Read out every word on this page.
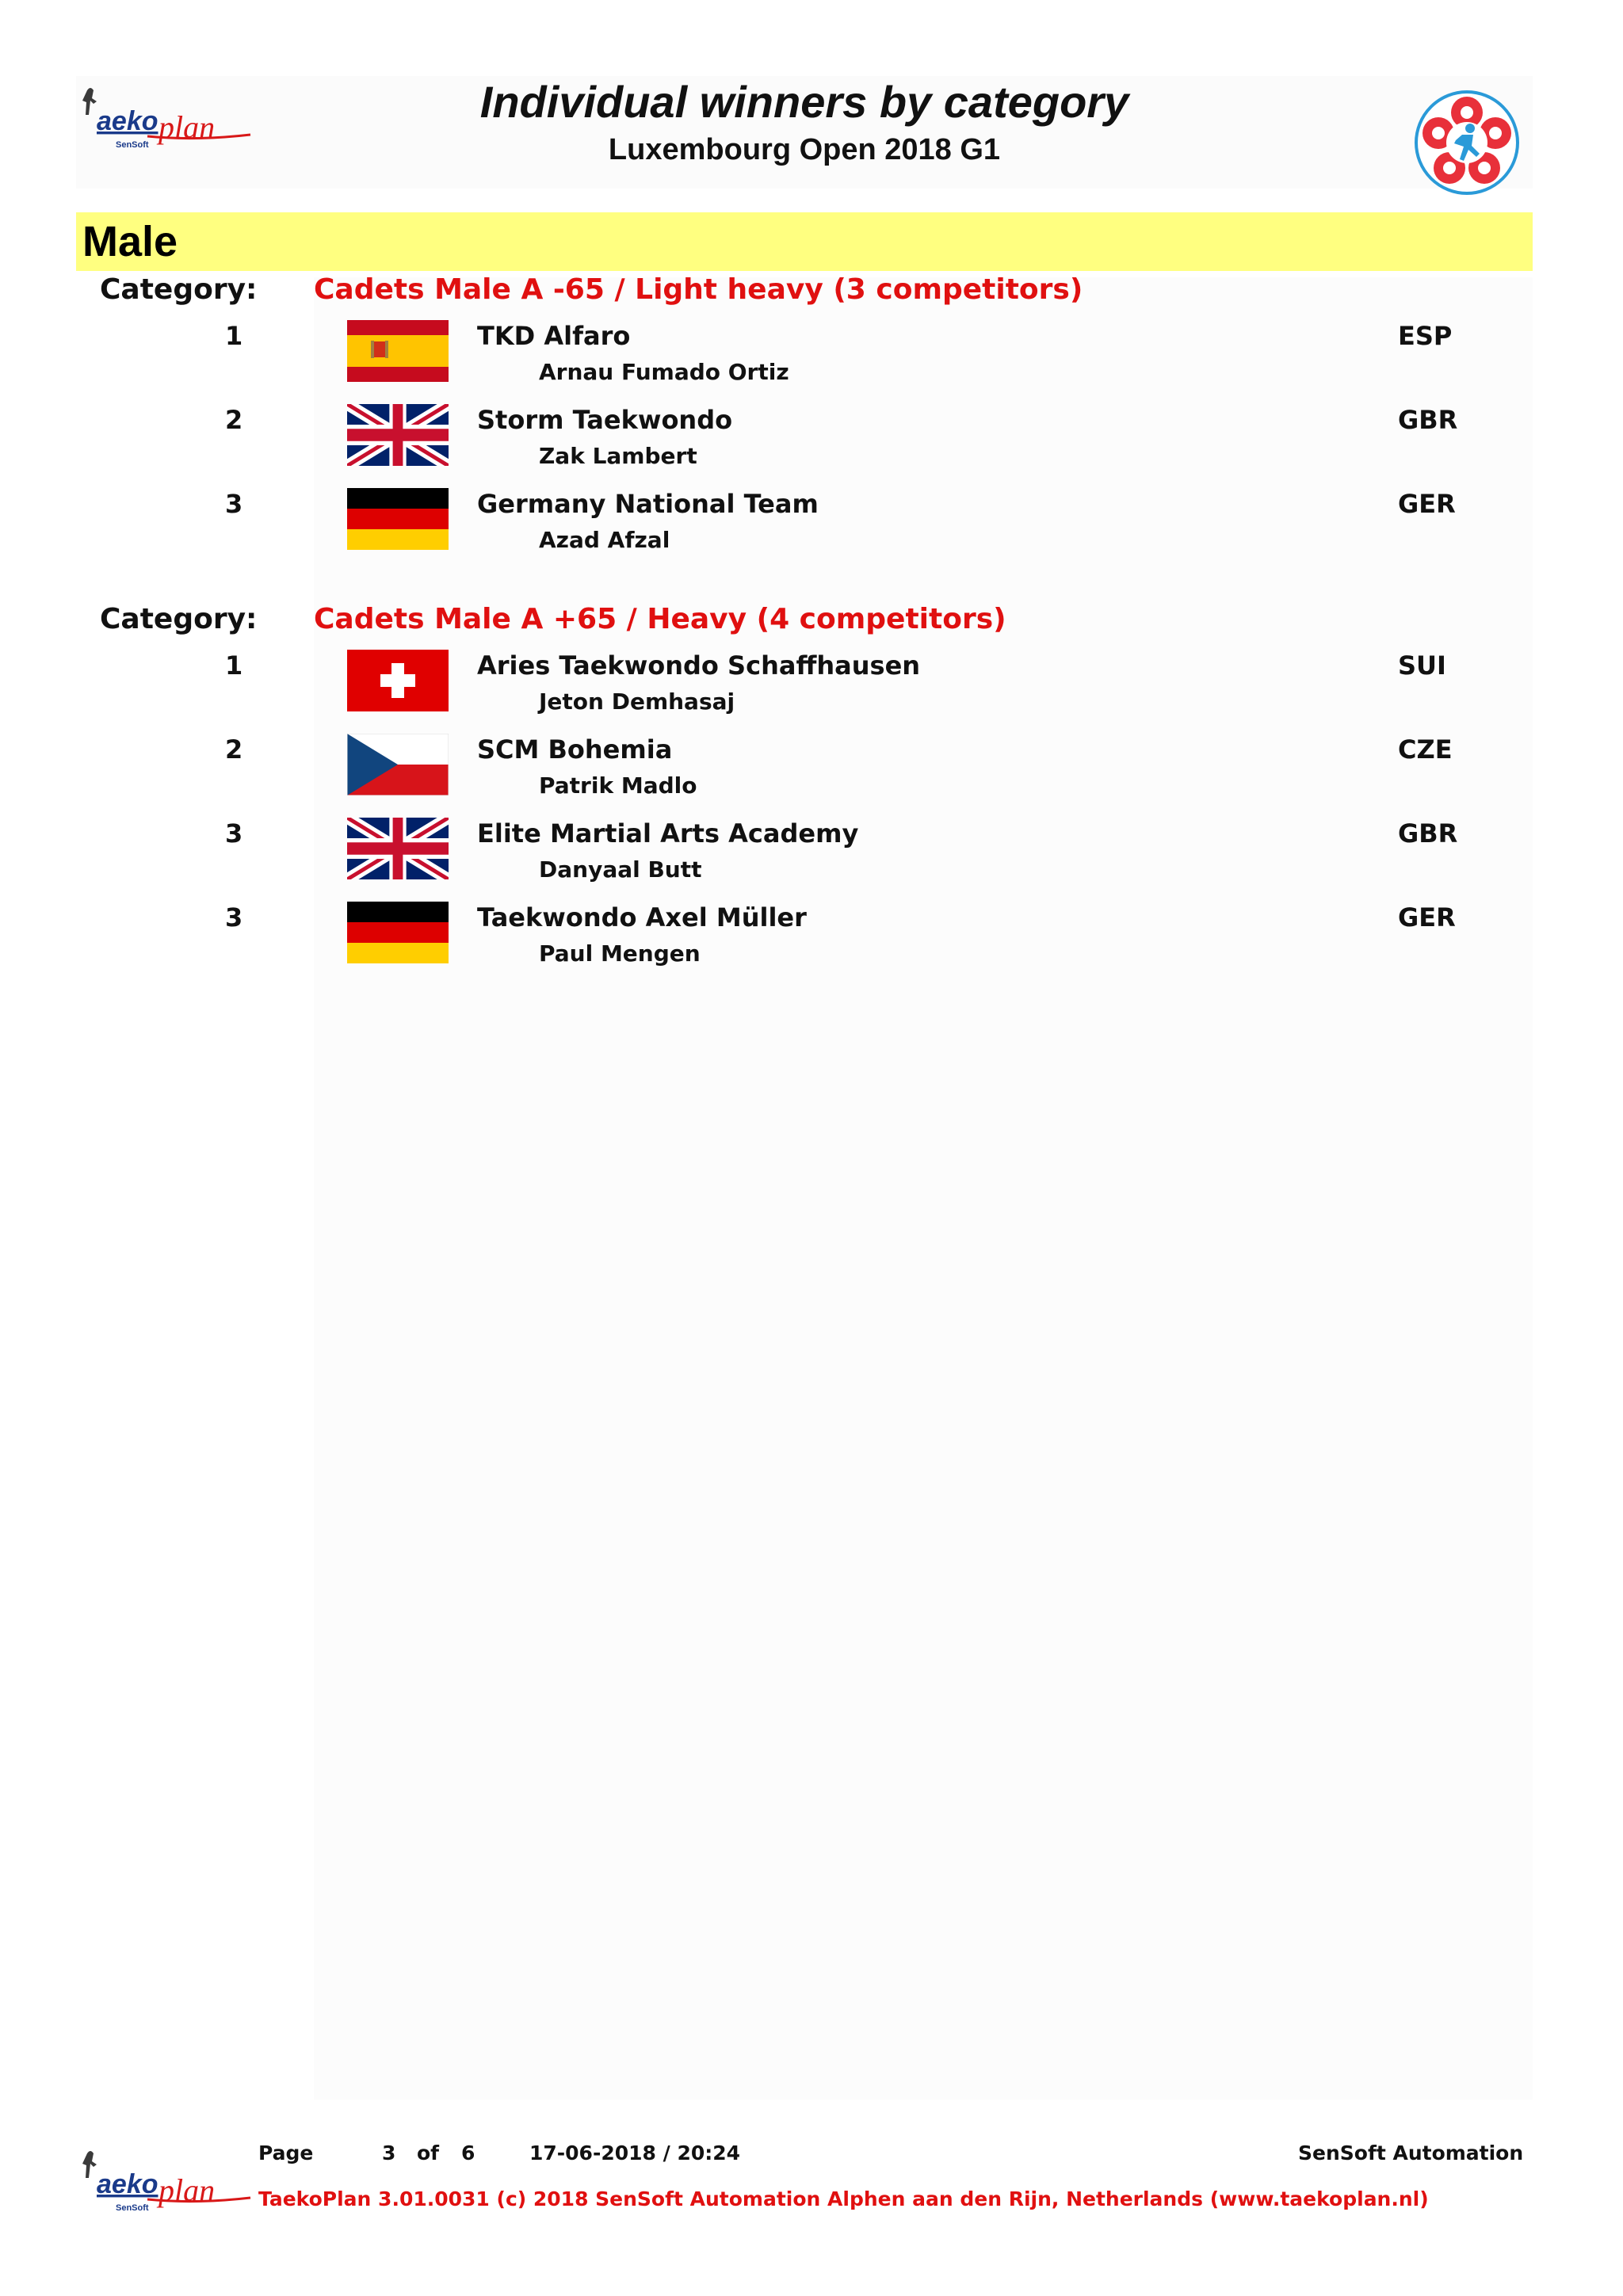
aeko plan
SenSoft
Individual winners by category
Luxembourg Open 2018 G1
Male
Category: Cadets Male A -65 / Light heavy (3 competitors)
1	TKD Alfaro
Arnau Fumado Ortiz
ESP
2	Storm Taekwondo
Zak Lambert
GBR
3	Germany National Team
Azad Afzal
GER
Category: Cadets Male A +65 / Heavy (4 competitors)
1	Aries Taekwondo Schaffhausen
Jeton Demhasaj
SUI
2	SCM Bohemia
Patrik Madlo
CZE
3	Elite Martial Arts Academy
Danyaal Butt
GBR
3	Taekwondo Axel Müller
Paul Mengen
GER
aeko plan
SenSoft
Page	3 of 6	17-06-2018 / 20:24	SenSoft Automation
TaekoPlan 3.01.0031 (c) 2018 SenSoft Automation Alphen aan den Rijn, Netherlands (www.taekoplan.nl)
